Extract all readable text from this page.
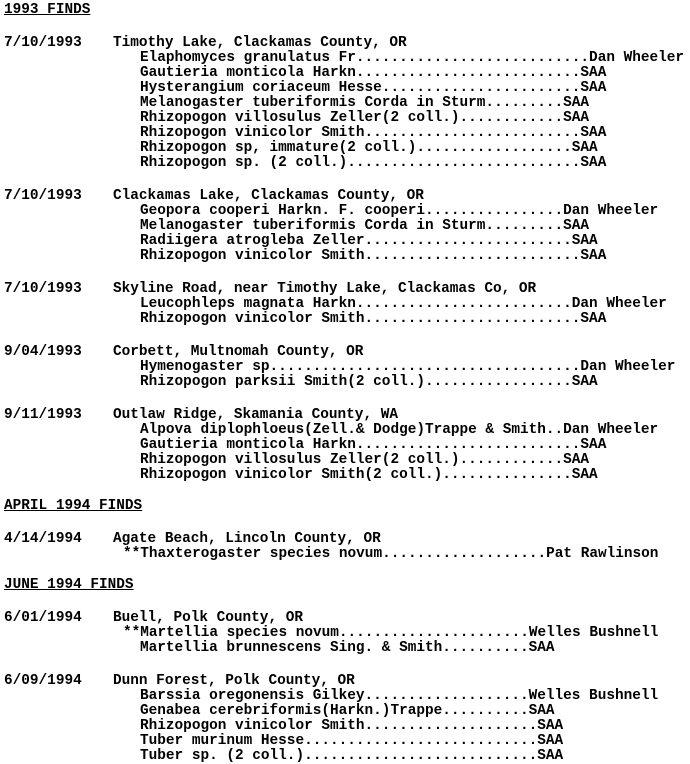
1993 FINDS
7/10/1993 Timothy Lake, Clackamas County, OR
Elaphomyces granulatus Fr...........................Dan Wheeler
Gautieria monticola Harkn..........................SAA
Hysterangium coriaceum Hesse.......................SAA
Melanogaster tuberiformis Corda in Sturm.........SAA
Rhizopogon villosulus Zeller(2 coll.)............SAA
Rhizopogon vinicolor Smith.........................SAA
Rhizopogon sp, immature(2 coll.)..................SAA
Rhizopogon sp. (2 coll.)...........................SAA
7/10/1993 Clackamas Lake, Clackamas County, OR
Geopora cooperi Harkn. F. cooperi................Dan Wheeler
Melanogaster tuberiformis Corda in Sturm.........SAA
Radiigera atrogleba Zeller........................SAA
Rhizopogon vinicolor Smith.........................SAA
7/10/1993 Skyline Road, near Timothy Lake, Clackamas Co, OR
Leucophleps magnata Harkn.........................Dan Wheeler
Rhizopogon vinicolor Smith.........................SAA
9/04/1993 Corbett, Multnomah County, OR
Hymenogaster sp....................................Dan Wheeler
Rhizopogon parksii Smith(2 coll.).................SAA
9/11/1993 Outlaw Ridge, Skamania County, WA
Alpova diplophloeus(Zell.& Dodge)Trappe & Smith..Dan Wheeler
Gautieria monticola Harkn..........................SAA
Rhizopogon villosulus Zeller(2 coll.)............SAA
Rhizopogon vinicolor Smith(2 coll.)...............SAA
APRIL 1994 FINDS
4/14/1994 Agate Beach, Lincoln County, OR
**Thaxterogaster species novum...................Pat Rawlinson
JUNE 1994 FINDS
6/01/1994 Buell, Polk County, OR
**Martellia species novum......................Welles Bushnell
Martellia brunnescens Sing. & Smith..........SAA
6/09/1994 Dunn Forest, Polk County, OR
Barssia oregonensis Gilkey...................Welles Bushnell
Genabea cerebriformis(Harkn.)Trappe..........SAA
Rhizopogon vinicolor Smith....................SAA
Tuber murinum Hesse...........................SAA
Tuber sp. (2 coll.)...........................SAA
